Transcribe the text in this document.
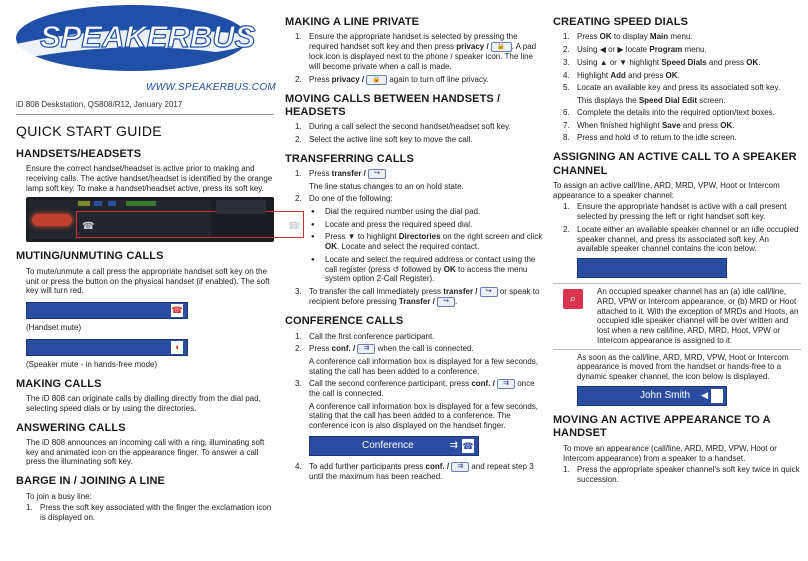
SPEAKERBUS
WWW.SPEAKERBUS.COM
iD 808 Deskstation, QS808/R12, January 2017
QUICK START GUIDE
HANDSETS/HEADSETS

Ensure the correct handset/headset is active prior to making and receiving calls. The active handset/headset is identified by the orange lamp soft key. To make a handset/headset active, press its soft key.

☎	☎
MUTING/UNMUTING CALLS

To mute/unmute a call press the appropriate handset soft key on the unit or press the button on the physical handset (if enabled). The soft key will turn red.

☎

(Handset mute)

◖

(Speaker mute - in hands-free mode)

MAKING CALLS

The iD 808 can originate calls by dialling directly from the dial pad, selecting speed dials or by using the directories.

ANSWERING CALLS

The iD 808 announces an incoming call with a ring, illuminating soft key and animated icon on the appearance finger. To answer a call press the illuminating soft key.

BARGE IN / JOINING A LINE

To join a busy line:

1. Press the soft key associated with the finger the exclamation icon is displayed on.
MAKING A LINE PRIVATE
1. Ensure the appropriate handset is selected by pressing the required handset soft key and then press privacy / 🔒 . A pad lock icon is displayed next to the phone / speaker icon. The line will become private when a call is made.
2. Press privacy / 🔒 again to turn off line privacy.
MOVING CALLS BETWEEN HANDSETS / HEADSETS
1. During a call select the second handset/headset soft key.
2. Select the active line soft key to move the call.
TRANSFERRING CALLS
1. Press transfer / ↪

The line status changes to an on hold state.

2. Do one of the following:
● Dial the required number using the dial pad.
● Locate and press the required speed dial.
● Press ▼ to highlight Directories on the right screen and click OK. Locate and select the required contact.
● Locate and select the required address or contact using the call register (press ↺ followed by OK to access the menu system option 2-Call Register).
3. To transfer the call immediately press transfer / ↪ or speak to recipient before pressing Transfer / ↪ .
CONFERENCE CALLS
1. Call the first conference participant.
2. Press conf. / ⇉ when the call is connected.

A conference call information box is displayed for a few seconds, stating the call has been added to a conference.

3. Call the second conference participant, press conf. / ⇉ once the call is connected.

A conference call information box is displayed for a few seconds, stating that the call has been added to a conference. The conference icon is also displayed on the handset finger.

Conference	⇉ ☎
4. To add further participants press conf. / ⇉ and repeat step 3 until the maximum has been reached.
CREATING SPEED DIALS
1. Press OK to display Main menu.
2. Using ◀ or ▶ locate Program menu.
3. Using ▲ or ▼ highlight Speed Dials and press OK.
4. Highlight Add and press OK.
5. Locate an available key and press its associated soft key.

This displays the Speed Dial Edit screen.

6. Complete the details into the required option/text boxes.
7. When finished highlight Save and press OK.
8. Press and hold ↺ to return to the idle screen.
ASSIGNING AN ACTIVE CALL TO A SPEAKER CHANNEL

To assign an active call/line, ARD, MRD, VPW, Hoot or Intercom appearance to a speaker channel:

1. Ensure the appropriate handset is active with a call present selected by pressing the left or right handset soft key.
2. Locate either an available speaker channel or an idle occupied speaker channel, and press its associated soft key. An available speaker channel contains the icon below.
⌕
An occupied speaker channel has an (a) idle call/line, ARD, VPW or Intercom appearance, or (b) MRD or Hoot attached to it. With the exception of MRDs and Hoots, an occupied idle speaker channel will be over written and lost when a new call/line, ARD, MRD, Hoot, VPW or Intercom appearance is assigned to it.

As soon as the call/line, ARD, MRD, VPW, Hoot or Intercom appearance is moved from the handset or hands-free to a dynamic speaker channel, the icon below is displayed.

John Smith ◀
MOVING AN ACTIVE APPEARANCE TO A HANDSET

To move an appearance (call/line, ARD, MRD, VPW, Hoot or Intercom appearance) from a speaker to a handset.

1. Press the appropriate speaker channel’s soft key twice in quick succession.
